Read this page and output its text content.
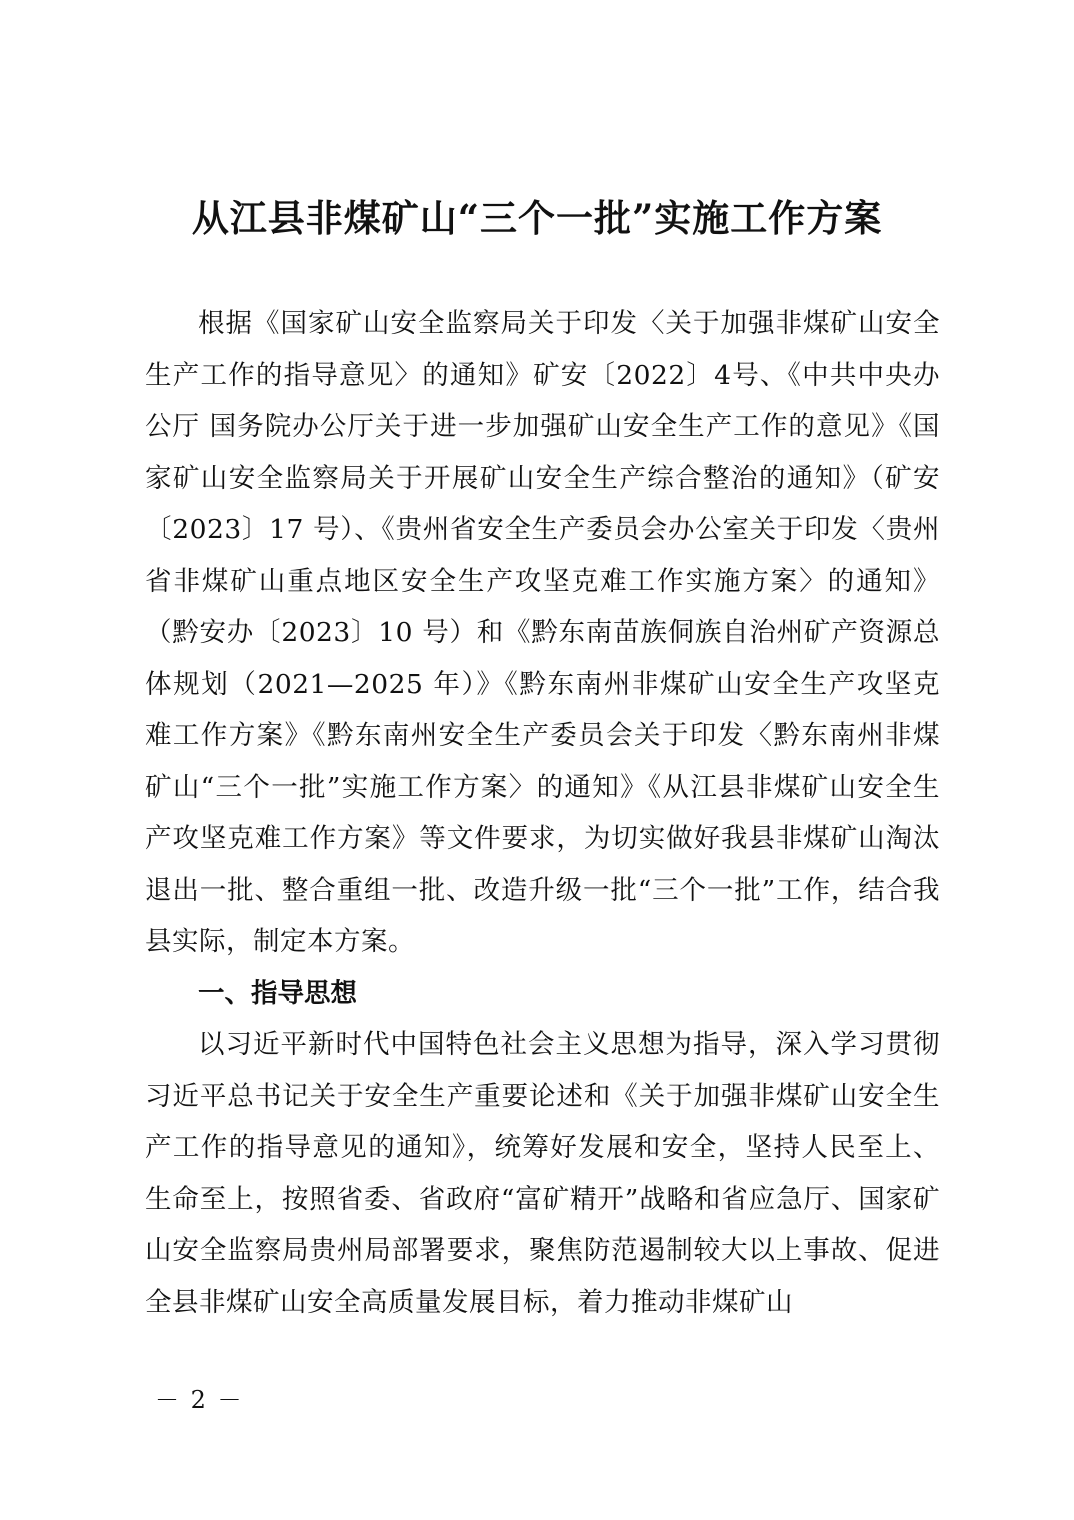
从江县非煤矿山“三个一批”实施工作方案

根据《国家矿山安全监察局关于印发〈关于加强非煤矿山安全生产工作的指导意见〉的通知》矿安〔2022〕4号、《中共中央办公厅 国务院办公厅关于进一步加强矿山安全生产工作的意见》《国家矿山安全监察局关于开展矿山安全生产综合整治的通知》（矿安〔2023〕17 号）、《贵州省安全生产委员会办公室关于印发〈贵州省非煤矿山重点地区安全生产攻坚克难工作实施方案〉的通知》（黔安办〔2023〕10 号）和《黔东南苗族侗族自治州矿产资源总体规划（2021—2025 年）》《黔东南州非煤矿山安全生产攻坚克难工作方案》《黔东南州安全生产委员会关于印发〈黔东南州非煤矿山“三个一批”实施工作方案〉的通知》《从江县非煤矿山安全生产攻坚克难工作方案》等文件要求，为切实做好我县非煤矿山淘汰退出一批、整合重组一批、改造升级一批“三个一批”工作，结合我县实际，制定本方案。

一、指导思想

以习近平新时代中国特色社会主义思想为指导，深入学习贯彻习近平总书记关于安全生产重要论述和《关于加强非煤矿山安全生产工作的指导意见的通知》，统筹好发展和安全，坚持人民至上、生命至上，按照省委、省政府“富矿精开”战略和省应急厅、国家矿山安全监察局贵州局部署要求，聚焦防范遏制较大以上事故、促进全县非煤矿山安全高质量发展目标，着力推动非煤矿山

－ 2 －
